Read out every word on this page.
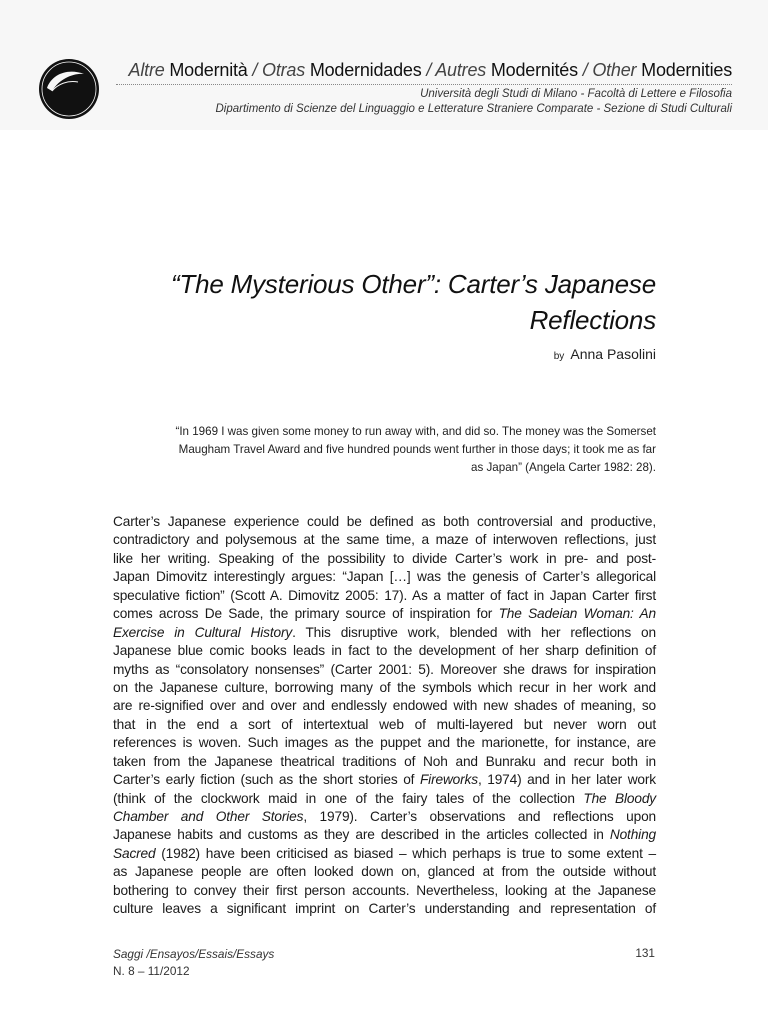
Altre Modernità / Otras Modernidades / Autres Modernités / Other Modernities
Università degli Studi di Milano - Facoltà di Lettere e Filosofia
Dipartimento di Scienze del Linguaggio e Letterature Straniere Comparate - Sezione di Studi Culturali
“The Mysterious Other”: Carter’s Japanese
Reflections
by Anna Pasolini
“In 1969 I was given some money to run away with, and did so. The money was the Somerset
Maugham Travel Award and five hundred pounds went further in those days; it took me as far
as Japan” (Angela Carter 1982: 28).
Carter’s Japanese experience could be defined as both controversial and productive,
contradictory and polysemous at the same time, a maze of interwoven reflections, just
like her writing. Speaking of the possibility to divide Carter’s work in pre- and post-
Japan Dimovitz interestingly argues: “Japan […] was the genesis of Carter’s allegorical
speculative fiction” (Scott A. Dimovitz 2005: 17). As a matter of fact in Japan Carter first
comes across De Sade, the primary source of inspiration for The Sadeian Woman: An
Exercise in Cultural History. This disruptive work, blended with her reflections on
Japanese blue comic books leads in fact to the development of her sharp definition of
myths as “consolatory nonsenses” (Carter 2001: 5). Moreover she draws for inspiration
on the Japanese culture, borrowing many of the symbols which recur in her work and
are re-signified over and over and endlessly endowed with new shades of meaning, so
that in the end a sort of intertextual web of multi-layered but never worn out
references is woven. Such images as the puppet and the marionette, for instance, are
taken from the Japanese theatrical traditions of Noh and Bunraku and recur both in
Carter’s early fiction (such as the short stories of Fireworks, 1974) and in her later work
(think of the clockwork maid in one of the fairy tales of the collection The Bloody
Chamber and Other Stories, 1979). Carter’s observations and reflections upon
Japanese habits and customs as they are described in the articles collected in Nothing
Sacred (1982) have been criticised as biased – which perhaps is true to some extent –
as Japanese people are often looked down on, glanced at from the outside without
bothering to convey their first person accounts. Nevertheless, looking at the Japanese
culture leaves a significant imprint on Carter’s understanding and representation of
Saggi /Ensayos/Essais/Essays
N. 8 – 11/2012
131
